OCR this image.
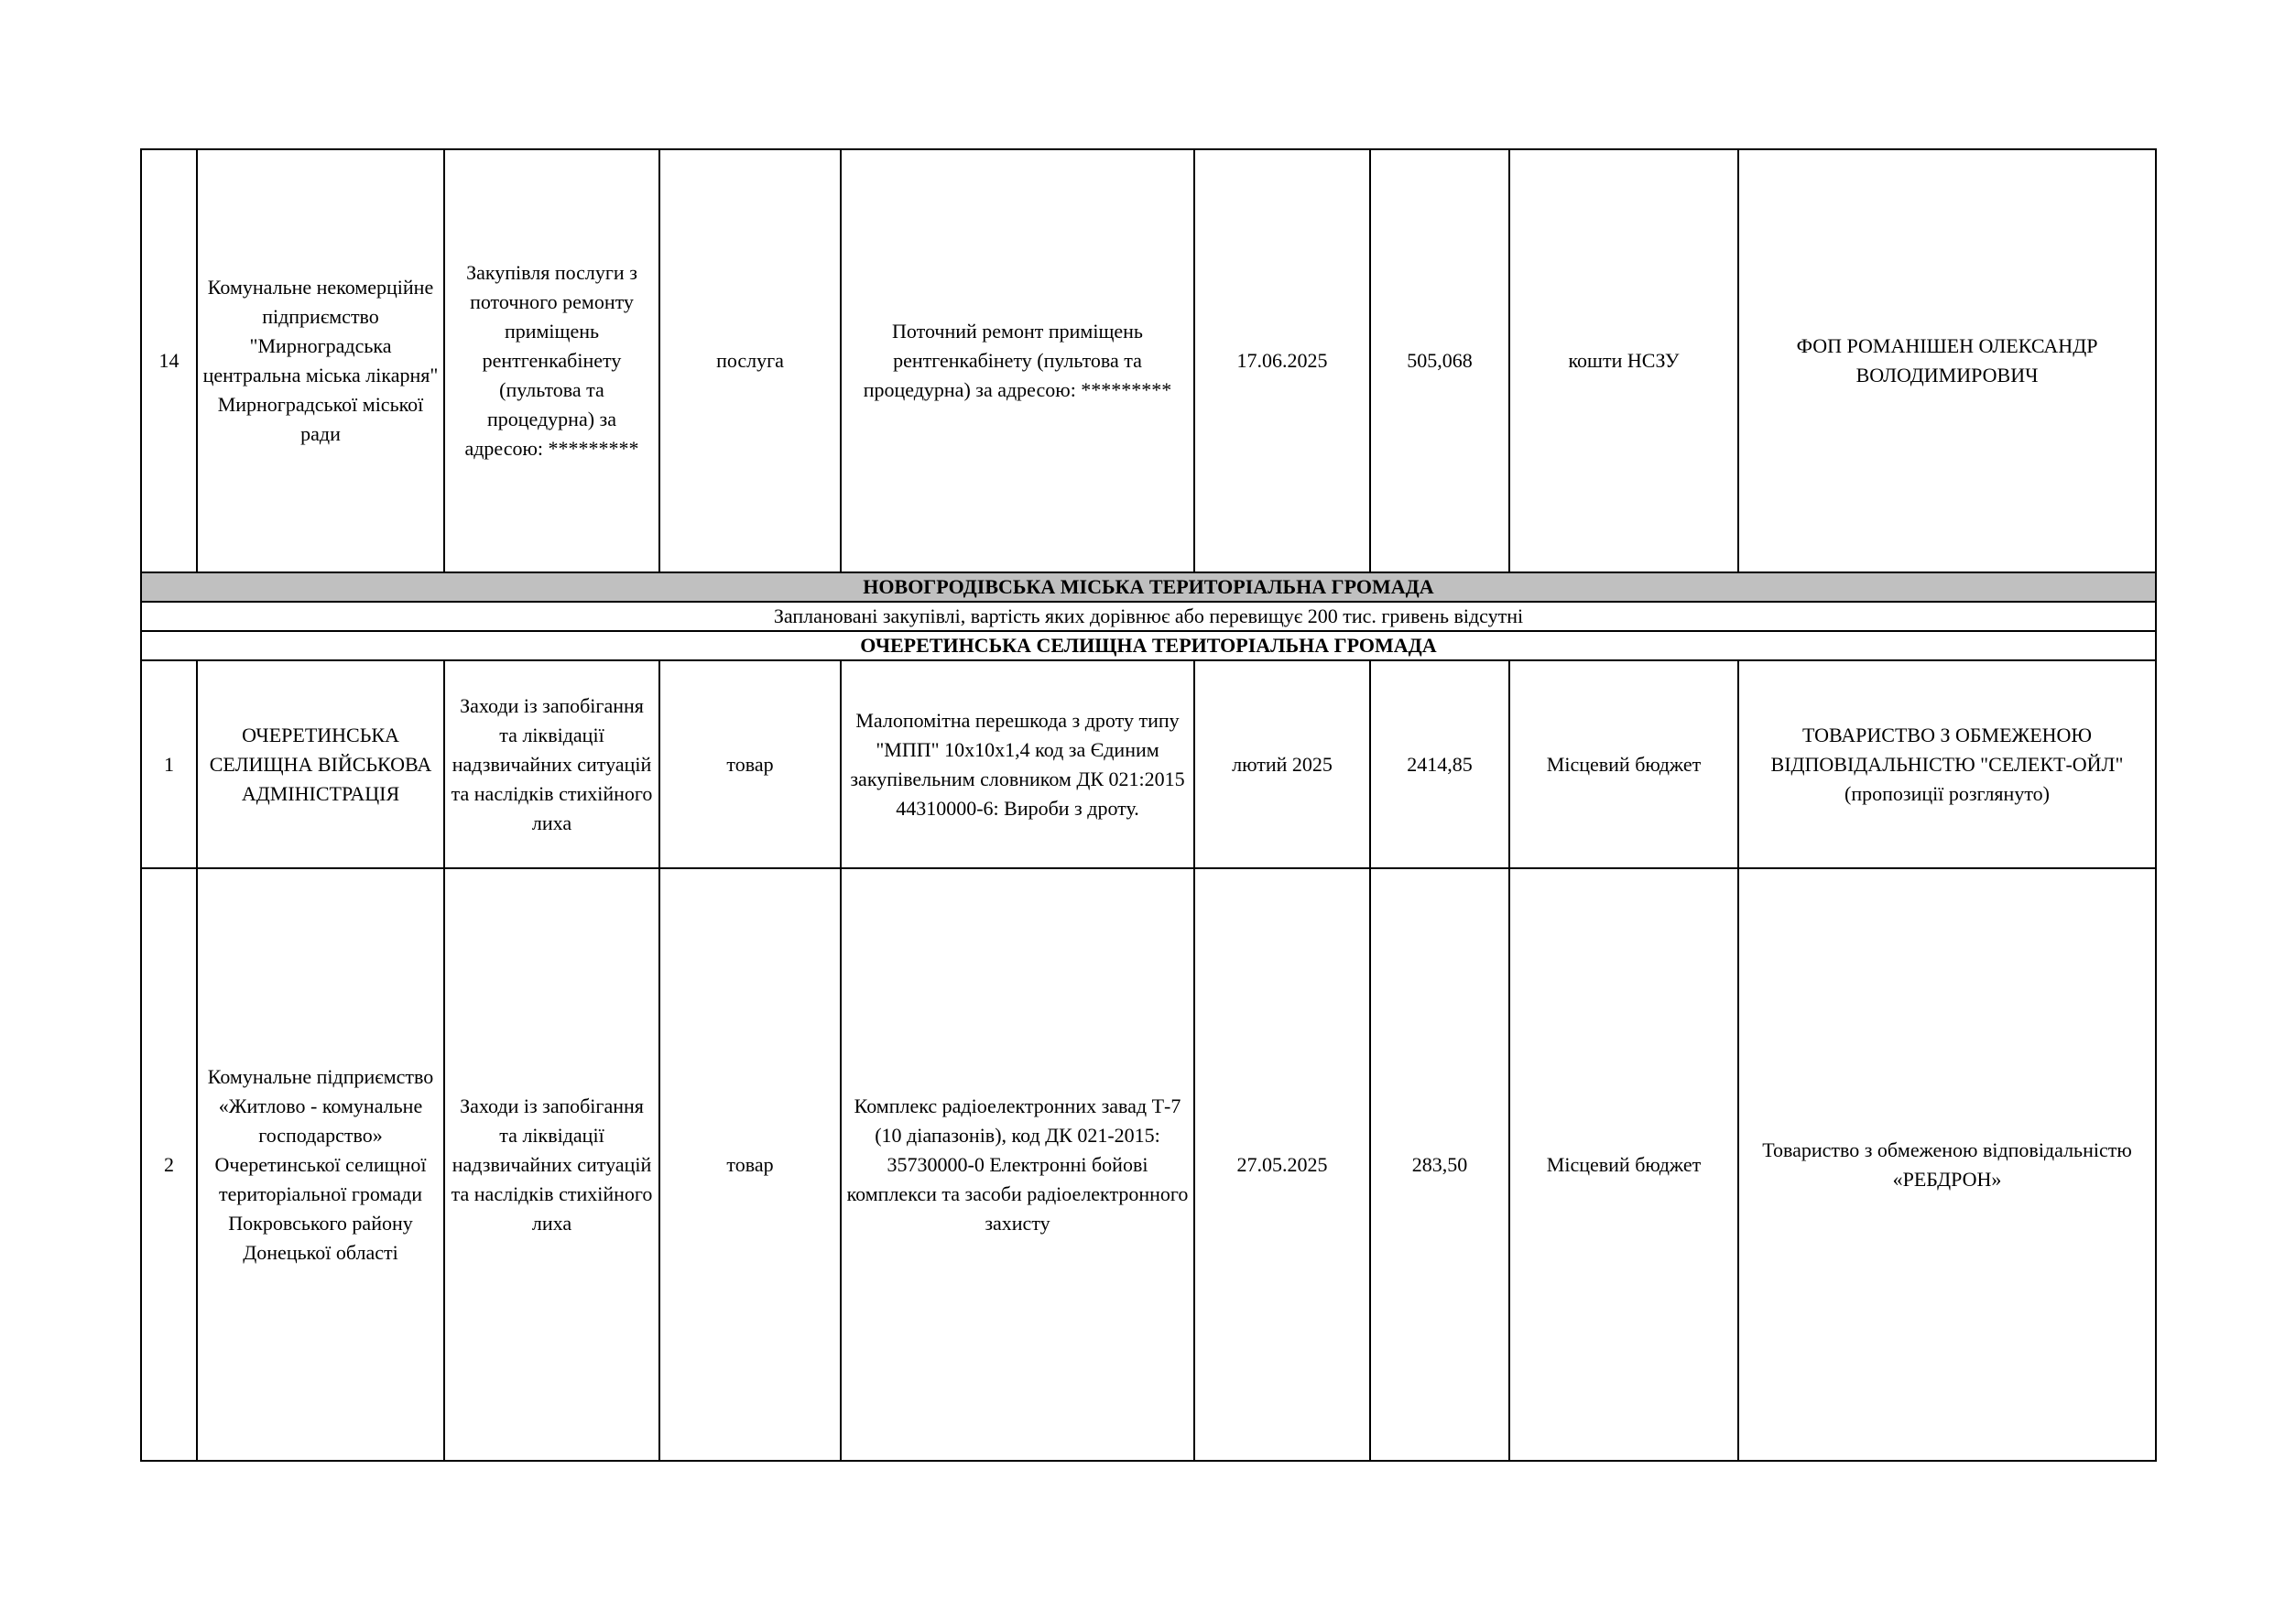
14	Комунальне некомерційне підприємство "Мирноградська центральна міська лікарня" Мирноградської міської ради	Закупівля послуги з поточного ремонту приміщень рентгенкабінету (пультова та процедурна) за адресою: *********	послуга	Поточний ремонт приміщень рентгенкабінету (пультова та процедурна) за адресою: *********	17.06.2025	505,068	кошти НСЗУ	ФОП РОМАНІШЕН ОЛЕКСАНДР ВОЛОДИМИРОВИЧ
НОВОГРОДІВСЬКА МІСЬКА ТЕРИТОРІАЛЬНА ГРОМАДА								
Заплановані закупівлі, вартість яких дорівнює або перевищує 200 тис. гривень відсутні								
ОЧЕРЕТИНСЬКА СЕЛИЩНА ТЕРИТОРІАЛЬНА ГРОМАДА								
1	ОЧЕРЕТИНСЬКА СЕЛИЩНА ВІЙСЬКОВА АДМІНІСТРАЦІЯ	Заходи із запобігання та ліквідації надзвичайних ситуацій та наслідків стихійного лиха	товар	Малопомітна перешкода з дроту типу "МПП" 10х10х1,4 код за Єдиним закупівельним словником ДК 021:2015 44310000-6: Вироби з дроту.	лютий 2025	2414,85	Місцевий бюджет	ТОВАРИСТВО З ОБМЕЖЕНОЮ ВІДПОВІДАЛЬНІСТЮ "СЕЛЕКТ-ОЙЛ" (пропозиції розглянуто)
2	Комунальне підприємство «Житлово - комунальне господарство» Очеретинської селищної територіальної громади Покровського району Донецької області	Заходи із запобігання та ліквідації надзвичайних ситуацій та наслідків стихійного лиха	товар	Комплекс радіоелектронних завад Т-7 (10 діапазонів), код ДК 021-2015: 35730000-0 Електронні бойові комплекси та засоби радіоелектронного захисту	27.05.2025	283,50	Місцевий бюджет	Товариство з обмеженою відповідальністю «РЕБДРОН»
